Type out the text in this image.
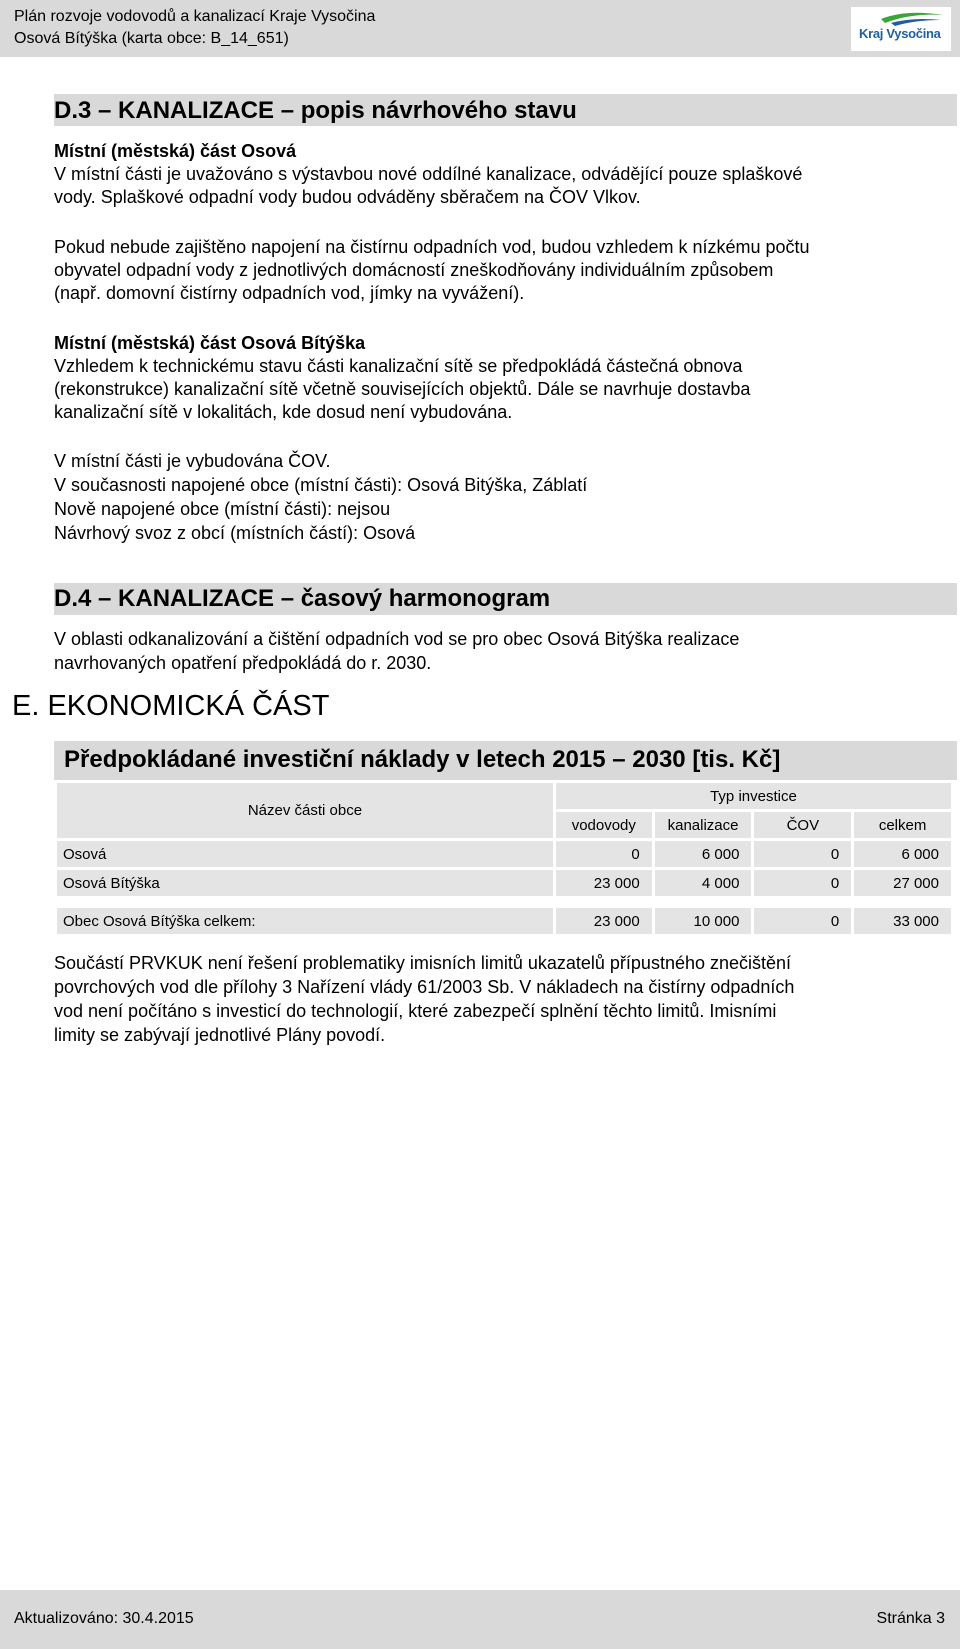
Plán rozvoje vodovodů a kanalizací Kraje Vysočina
Osová Bítýška (karta obce: B_14_651)	Kraj Vysočina
D.3 – KANALIZACE – popis návrhového stavu
Místní (městská) část Osová
V místní části je uvažováno s výstavbou nové oddílné kanalizace, odvádějící pouze splaškové
vody. Splaškové odpadní vody budou odváděny sběračem na ČOV Vlkov.
Pokud nebude zajištěno napojení na čistírnu odpadních vod, budou vzhledem k nízkému počtu
obyvatel odpadní vody z jednotlivých domácností zneškodňovány individuálním způsobem
(např. domovní čistírny odpadních vod, jímky na vyvážení).
Místní (městská) část Osová Bítýška
Vzhledem k technickému stavu části kanalizační sítě se předpokládá částečná obnova
(rekonstrukce) kanalizační sítě včetně souvisejících objektů. Dále se navrhuje dostavba
kanalizační sítě v lokalitách, kde dosud není vybudována.
V místní části je vybudována ČOV.
V současnosti napojené obce (místní části): Osová Bitýška, Záblatí
Nově napojené obce (místní části): nejsou
Návrhový svoz z obcí (místních částí): Osová
D.4 – KANALIZACE – časový harmonogram
V oblasti odkanalizování a čištění odpadních vod se pro obec Osová Bitýška realizace
navrhovaných opatření předpokládá do r. 2030.
E. EKONOMICKÁ ČÁST
Předpokládané investiční náklady v letech 2015 – 2030 [tis. Kč]
Název části obce	Typ investice			
	vodovody	kanalizace	ČOV	celkem
Osová	0	6 000	0	6 000
Osová Bítýška	23 000	4 000	0	27 000

Obec Osová Bítýška celkem:	23 000	10 000	0	33 000
Součástí PRVKUK není řešení problematiky imisních limitů ukazatelů přípustného znečištění
povrchových vod dle přílohy 3 Nařízení vlády 61/2003 Sb. V nákladech na čistírny odpadních
vod není počítáno s investicí do technologií, které zabezpečí splnění těchto limitů. Imisními
limity se zabývají jednotlivé Plány povodí.
Aktualizováno: 30.4.2015	Stránka 3
